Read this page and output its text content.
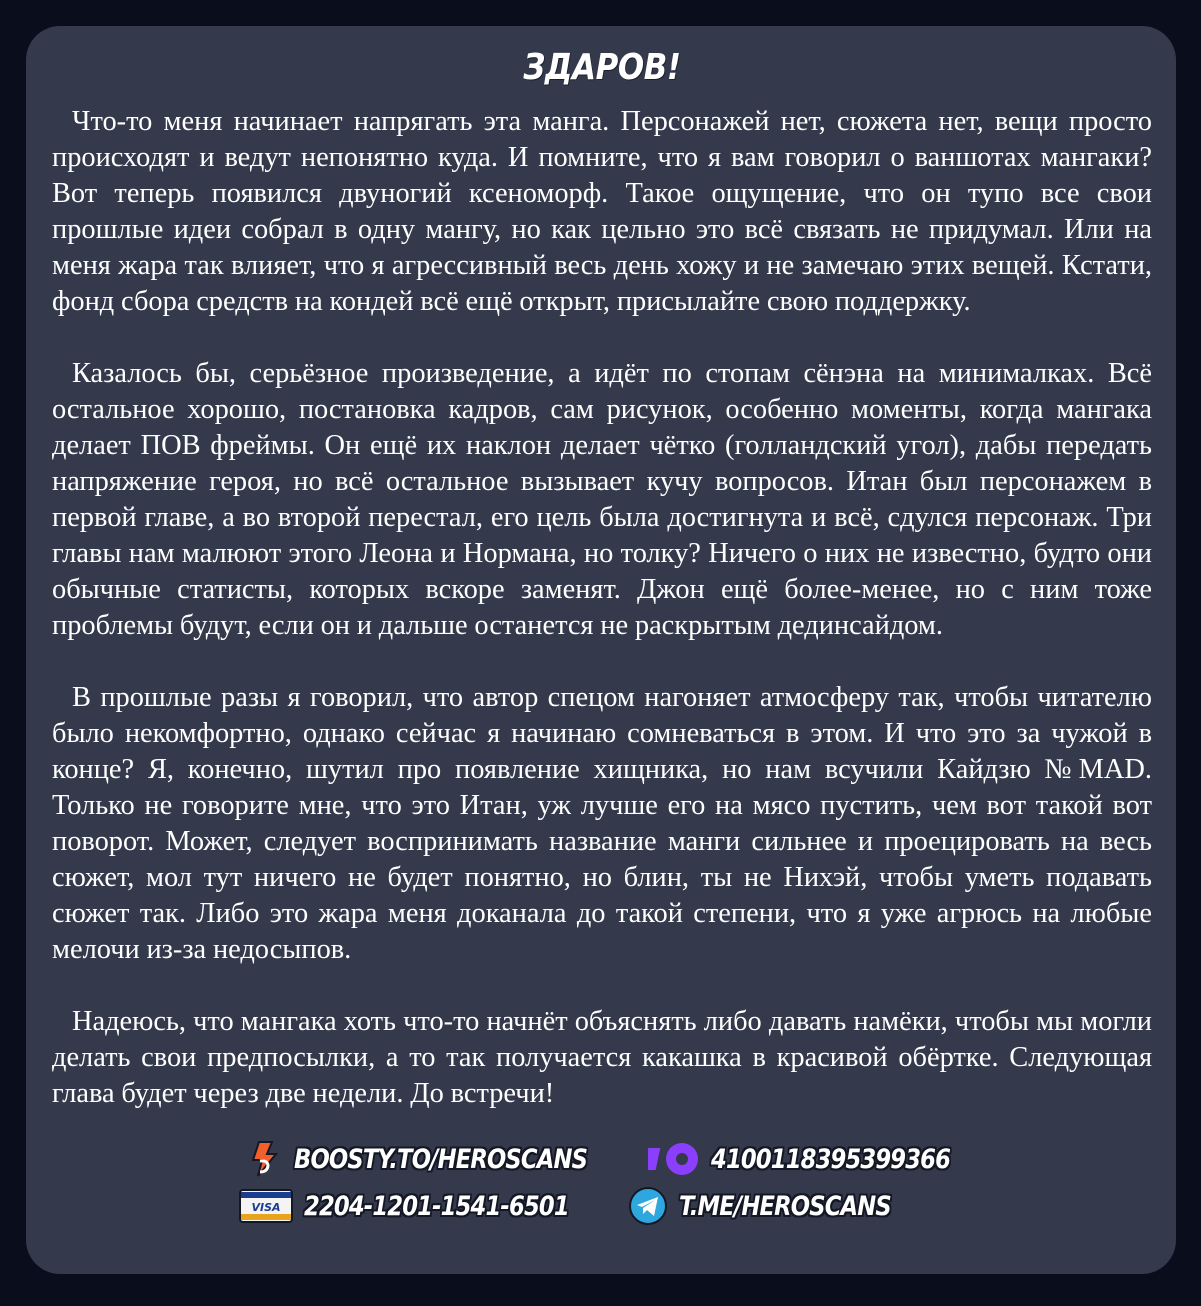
ЗДАРОВ!

Что-то меня начинает напрягать эта манга. Персонажей нет, сюжета нет, вещи просто происходят и ведут непонятно куда. И помните, что я вам говорил о ваншотах мангаки? Вот теперь появился двуногий ксеноморф. Такое ощущение, что он тупо все свои прошлые идеи собрал в одну мангу, но как цельно это всё связать не придумал. Или на меня жара так влияет, что я агрессивный весь день хожу и не замечаю этих вещей. Кстати, фонд сбора средств на кондей всё ещё открыт, присылайте свою поддержку.

Казалось бы, серьёзное произведение, а идёт по стопам сёнэна на минималках. Всё остальное хорошо, постановка кадров, сам рисунок, особенно моменты, когда мангака делает ПОВ фреймы. Он ещё их наклон делает чётко (голландский угол), дабы передать напряжение героя, но всё остальное вызывает кучу вопросов. Итан был персонажем в первой главе, а во второй перестал, его цель была достигнута и всё, сдулся персонаж. Три главы нам малюют этого Леона и Нормана, но толку? Ничего о них не известно, будто они обычные статисты, которых вскоре заменят. Джон ещё более-менее, но с ним тоже проблемы будут, если он и дальше останется не раскрытым дединсайдом.

В прошлые разы я говорил, что автор спецом нагоняет атмосферу так, чтобы читателю было некомфортно, однако сейчас я начинаю сомневаться в этом. И что это за чужой в конце? Я, конечно, шутил про появление хищника, но нам всучили Кайдзю №MAD. Только не говорите мне, что это Итан, уж лучше его на мясо пустить, чем вот такой вот поворот. Может, следует воспринимать название манги сильнее и проецировать на весь сюжет, мол тут ничего не будет понятно, но блин, ты не Нихэй, чтобы уметь подавать сюжет так. Либо это жара меня доканала до такой степени, что я уже агрюсь на любые мелочи из-за недосыпов.

Надеюсь, что мангака хоть что-то начнёт объяснять либо давать намёки, чтобы мы могли делать свои предпосылки, а то так получается какашка в красивой обёртке. Следующая глава будет через две недели. До встречи!

BOOSTY.TO/HEROSCANS	4100118395399366
VISA 2204-1201-1541-6501	T.ME/HEROSCANS
